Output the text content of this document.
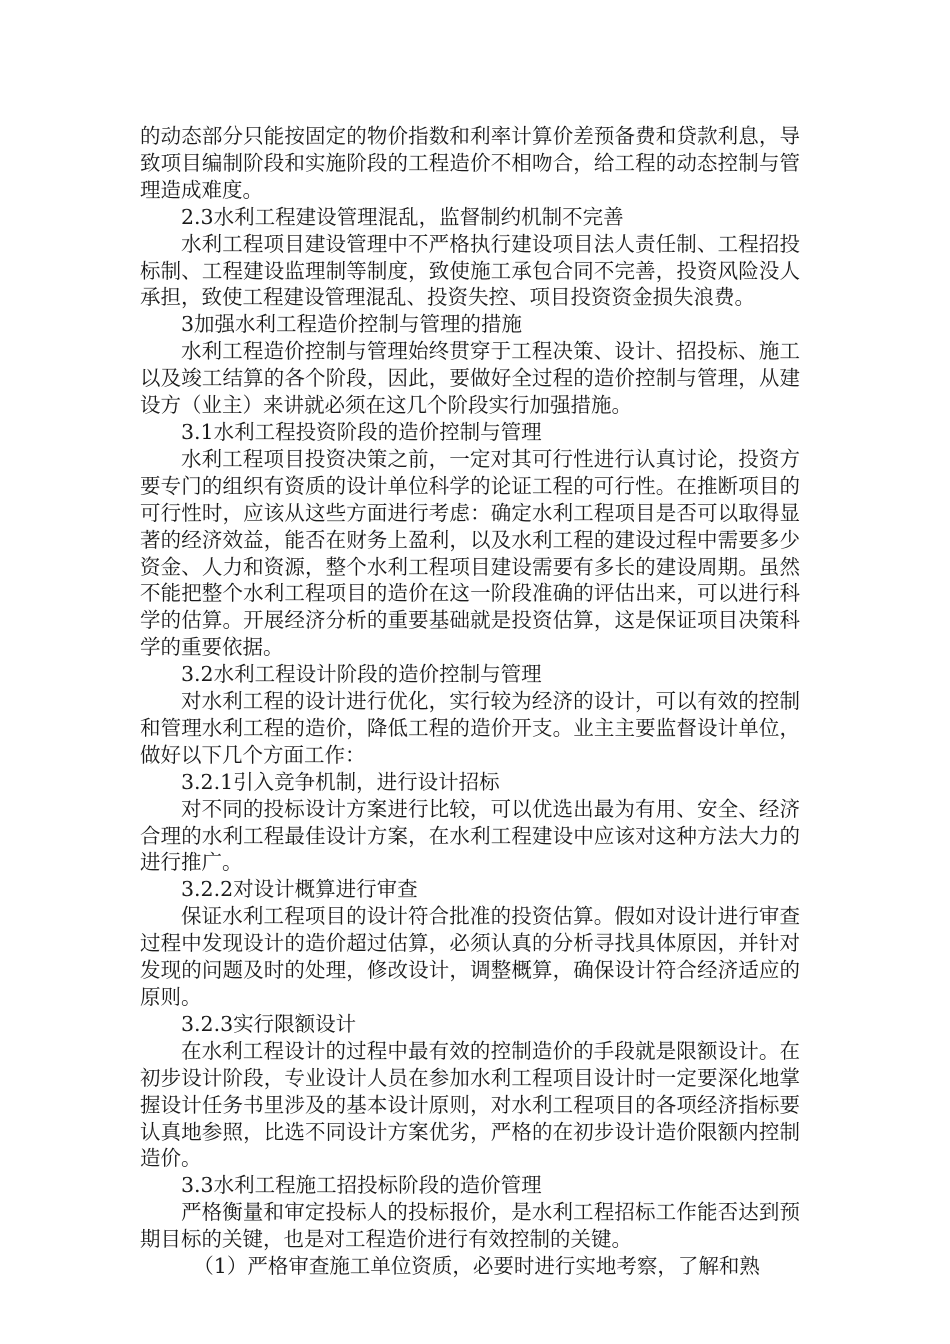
的动态部分只能按固定的物价指数和利率计算价差预备费和贷款利息，导致项目编制阶段和实施阶段的工程造价不相吻合，给工程的动态控制与管理造成难度。

2.3水利工程建设管理混乱，监督制约机制不完善

水利工程项目建设管理中不严格执行建设项目法人责任制、工程招投标制、工程建设监理制等制度，致使施工承包合同不完善，投资风险没人承担，致使工程建设管理混乱、投资失控、项目投资资金损失浪费。

3加强水利工程造价控制与管理的措施

水利工程造价控制与管理始终贯穿于工程决策、设计、招投标、施工以及竣工结算的各个阶段，因此，要做好全过程的造价控制与管理，从建设方（业主）来讲就必须在这几个阶段实行加强措施。

3.1水利工程投资阶段的造价控制与管理

水利工程项目投资决策之前，一定对其可行性进行认真讨论，投资方要专门的组织有资质的设计单位科学的论证工程的可行性。在推断项目的可行性时，应该从这些方面进行考虑：确定水利工程项目是否可以取得显著的经济效益，能否在财务上盈利，以及水利工程的建设过程中需要多少资金、人力和资源，整个水利工程项目建设需要有多长的建设周期。虽然不能把整个水利工程项目的造价在这一阶段准确的评估出来，可以进行科学的估算。开展经济分析的重要基础就是投资估算，这是保证项目决策科学的重要依据。

3.2水利工程设计阶段的造价控制与管理

对水利工程的设计进行优化，实行较为经济的设计，可以有效的控制和管理水利工程的造价，降低工程的造价开支。业主主要监督设计单位，做好以下几个方面工作：

3.2.1引入竞争机制，进行设计招标

对不同的投标设计方案进行比较，可以优选出最为有用、安全、经济合理的水利工程最佳设计方案，在水利工程建设中应该对这种方法大力的进行推广。

3.2.2对设计概算进行审查

保证水利工程项目的设计符合批准的投资估算。假如对设计进行审查过程中发现设计的造价超过估算，必须认真的分析寻找具体原因，并针对发现的问题及时的处理，修改设计，调整概算，确保设计符合经济适应的原则。

3.2.3实行限额设计

在水利工程设计的过程中最有效的控制造价的手段就是限额设计。在初步设计阶段，专业设计人员在参加水利工程项目设计时一定要深化地掌握设计任务书里涉及的基本设计原则，对水利工程项目的各项经济指标要认真地参照，比选不同设计方案优劣，严格的在初步设计造价限额内控制造价。

3.3水利工程施工招投标阶段的造价管理

严格衡量和审定投标人的投标报价，是水利工程招标工作能否达到预期目标的关键，也是对工程造价进行有效控制的关键。

（1）严格审查施工单位资质，必要时进行实地考察，了解和熟
